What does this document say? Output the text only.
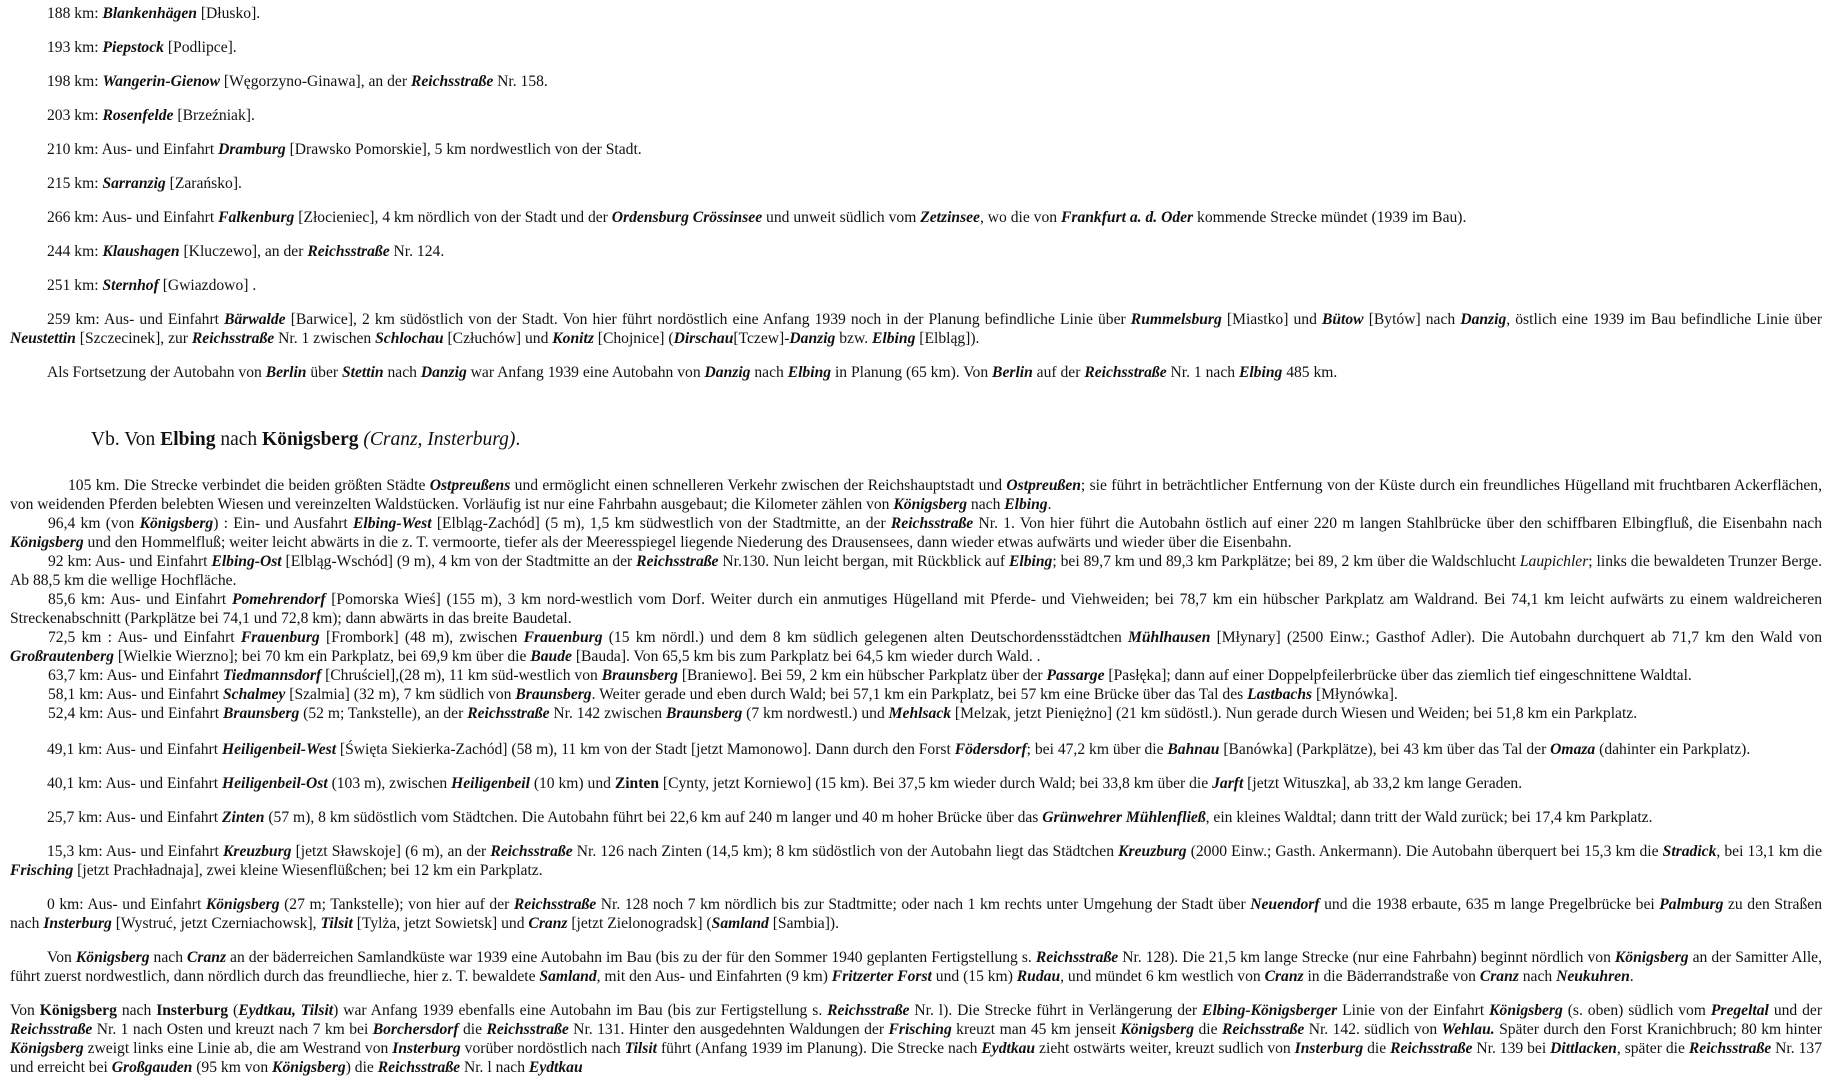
188 km: Blankenhägen [Dłusko].

193 km: Piepstock [Podlipce].

198 km: Wangerin-Gienow [Węgorzyno-Ginawa], an der Reichsstraße Nr. 158.

203 km: Rosenfelde [Brzeźniak].

210 km: Aus- und Einfahrt Dramburg [Drawsko Pomorskie], 5 km nordwestlich von der Stadt.

215 km: Sarranzig [Zarańsko].

266 km: Aus- und Einfahrt Falkenburg [Złocieniec], 4 km nördlich von der Stadt und der Ordensburg Crössinsee und unweit südlich vom Zetzinsee, wo die von Frankfurt a. d. Oder kommende Strecke mündet (1939 im Bau).

244 km: Klaushagen [Kluczewo], an der Reichsstraße Nr. 124.

251 km: Sternhof [Gwiazdowo] .

259 km: Aus- und Einfahrt Bärwalde [Barwice], 2 km südöstlich von der Stadt. Von hier führt nordöstlich eine Anfang 1939 noch in der Planung befindliche Linie über Rummelsburg [Miastko] und Bütow [Bytów] nach Danzig, östlich eine 1939 im Bau befindliche Linie über Neustettin [Szczecinek], zur Reichsstraße Nr. 1 zwischen Schlochau [Człuchów] und Konitz [Chojnice] (Dirschau[Tczew]-Danzig bzw. Elbing [Elbląg]).

Als Fortsetzung der Autobahn von Berlin über Stettin nach Danzig war Anfang 1939 eine Autobahn von Danzig nach Elbing in Planung (65 km). Von Berlin auf der Reichsstraße Nr. 1 nach Elbing 485 km.

Vb. Von Elbing nach Königsberg (Cranz, Insterburg).

105 km. Die Strecke verbindet die beiden größten Städte Ostpreußens und ermöglicht einen schnelleren Verkehr zwischen der Reichshauptstadt und Ostpreußen; sie führt in beträchtlicher Entfernung von der Küste durch ein freundliches Hügelland mit fruchtbaren Ackerflächen, von weidenden Pferden belebten Wiesen und vereinzelten Waldstücken. Vorläufig ist nur eine Fahrbahn ausgebaut; die Kilometer zählen von Königsberg nach Elbing.

96,4 km (von Königsberg) : Ein- und Ausfahrt Elbing-West [Elbląg-Zachód] (5 m), 1,5 km südwestlich von der Stadtmitte, an der Reichsstraße Nr. 1. Von hier führt die Autobahn östlich auf einer 220 m langen Stahlbrücke über den schiffbaren Elbingfluß, die Eisenbahn nach Königsberg und den Hommelfluß; weiter leicht abwärts in die z. T. vermoorte, tiefer als der Meeresspiegel liegende Niederung des Drausensees, dann wieder etwas aufwärts und wieder über die Eisenbahn.

92 km: Aus- und Einfahrt Elbing-Ost [Elbląg-Wschód] (9 m), 4 km von der Stadtmitte an der Reichsstraße Nr.130. Nun leicht bergan, mit Rückblick auf Elbing; bei 89,7 km und 89,3 km Parkplätze; bei 89, 2 km über die Waldschlucht Laupichler; links die bewaldeten Trunzer Berge. Ab 88,5 km die wellige Hochfläche.

85,6 km: Aus- und Einfahrt Pomehrendorf [Pomorska Wieś] (155 m), 3 km nord-westlich vom Dorf. Weiter durch ein anmutiges Hügelland mit Pferde- und Viehweiden; bei 78,7 km ein hübscher Parkplatz am Waldrand. Bei 74,1 km leicht aufwärts zu einem waldreicheren Streckenabschnitt (Parkplätze bei 74,1 und 72,8 km); dann abwärts in das breite Baudetal.

72,5 km : Aus- und Einfahrt Frauenburg [Frombork] (48 m), zwischen Frauenburg (15 km nördl.) und dem 8 km südlich gelegenen alten Deutschordensstädtchen Mühlhausen [Młynary] (2500 Einw.; Gasthof Adler). Die Autobahn durchquert ab 71,7 km den Wald von Großrautenberg [Wielkie Wierzno]; bei 70 km ein Parkplatz, bei 69,9 km über die Baude [Bauda]. Von 65,5 km bis zum Parkplatz bei 64,5 km wieder durch Wald. .

63,7 km: Aus- und Einfahrt Tiedmannsdorf [Chruściel],(28 m), 11 km süd-westlich von Braunsberg [Braniewo]. Bei 59, 2 km ein hübscher Parkplatz über der Passarge [Pasłęka]; dann auf einer Doppelpfeilerbrücke über das ziemlich tief eingeschnittene Waldtal.

58,1 km: Aus- und Einfahrt Schalmey [Szalmia] (32 m), 7 km südlich von Braunsberg. Weiter gerade und eben durch Wald; bei 57,1 km ein Parkplatz, bei 57 km eine Brücke über das Tal des Lastbachs [Młynówka].

52,4 km: Aus- und Einfahrt Braunsberg (52 m; Tankstelle), an der Reichsstraße Nr. 142 zwischen Braunsberg (7 km nordwestl.) und Mehlsack [Melzak, jetzt Pieniężno] (21 km südöstl.). Nun gerade durch Wiesen und Weiden; bei 51,8 km ein Parkplatz.

49,1 km: Aus- und Einfahrt Heiligenbeil-West [Święta Siekierka-Zachód] (58 m), 11 km von der Stadt [jetzt Mamonowo]. Dann durch den Forst Födersdorf; bei 47,2 km über die Bahnau [Banówka] (Parkplätze), bei 43 km über das Tal der Omaza (dahinter ein Parkplatz).

40,1 km: Aus- und Einfahrt Heiligenbeil-Ost (103 m), zwischen Heiligenbeil (10 km) und Zinten [Cynty, jetzt Korniewo] (15 km). Bei 37,5 km wieder durch Wald; bei 33,8 km über die Jarft [jetzt Wituszka], ab 33,2 km lange Geraden.

25,7 km: Aus- und Einfahrt Zinten (57 m), 8 km südöstlich vom Städtchen. Die Autobahn führt bei 22,6 km auf 240 m langer und 40 m hoher Brücke über das Grünwehrer Mühlenfließ, ein kleines Waldtal; dann tritt der Wald zurück; bei 17,4 km Parkplatz.

15,3 km: Aus- und Einfahrt Kreuzburg [jetzt Sławskoje] (6 m), an der Reichsstraße Nr. 126 nach Zinten (14,5 km); 8 km südöstlich von der Autobahn liegt das Städtchen Kreuzburg (2000 Einw.; Gasth. Ankermann). Die Autobahn überquert bei 15,3 km die Stradick, bei 13,1 km die Frisching [jetzt Prachładnaja], zwei kleine Wiesenflüßchen; bei 12 km ein Parkplatz.

0 km: Aus- und Einfahrt Königsberg (27 m; Tankstelle); von hier auf der Reichsstraße Nr. 128 noch 7 km nördlich bis zur Stadtmitte; oder nach 1 km rechts unter Umgehung der Stadt über Neuendorf und die 1938 erbaute, 635 m lange Pregelbrücke bei Palmburg zu den Straßen nach Insterburg [Wystruć, jetzt Czerniachowsk], Tilsit [Tylża, jetzt Sowietsk] und Cranz [jetzt Zielonogradsk] (Samland [Sambia]).

Von Königsberg nach Cranz an der bäderreichen Samlandküste war 1939 eine Autobahn im Bau (bis zu der für den Sommer 1940 geplanten Fertigstellung s. Reichsstraße Nr. 128). Die 21,5 km lange Strecke (nur eine Fahrbahn) beginnt nördlich von Königsberg an der Samitter Alle, führt zuerst nordwestlich, dann nördlich durch das freundlieche, hier z. T. bewaldete Samland, mit den Aus- und Einfahrten (9 km) Fritzerter Forst und (15 km) Rudau, und mündet 6 km westlich von Cranz in die Bäderrandstraße von Cranz nach Neukuhren.

Von Königsberg nach Insterburg (Eydtkau, Tilsit) war Anfang 1939 ebenfalls eine Autobahn im Bau (bis zur Fertigstellung s. Reichsstraße Nr. l). Die Strecke führt in Verlängerung der Elbing-Königsberger Linie von der Einfahrt Königsberg (s. oben) südlich vom Pregeltal und der Reichsstraße Nr. 1 nach Osten und kreuzt nach 7 km bei Borchersdorf die Reichsstraße Nr. 131. Hinter den ausgedehnten Waldungen der Frisching kreuzt man 45 km jenseit Königsberg die Reichsstraße Nr. 142. südlich von Wehlau. Später durch den Forst Kranichbruch; 80 km hinter Königsberg zweigt links eine Linie ab, die am Westrand von Insterburg vorüber nordöstlich nach Tilsit führt (Anfang 1939 im Planung). Die Strecke nach Eydtkau zieht ostwärts weiter, kreuzt sudlich von Insterburg die Reichsstraße Nr. 139 bei Dittlacken, später die Reichsstraße Nr. 137 und erreicht bei Großgauden (95 km von Königsberg) die Reichsstraße Nr. l nach Eydtkau
